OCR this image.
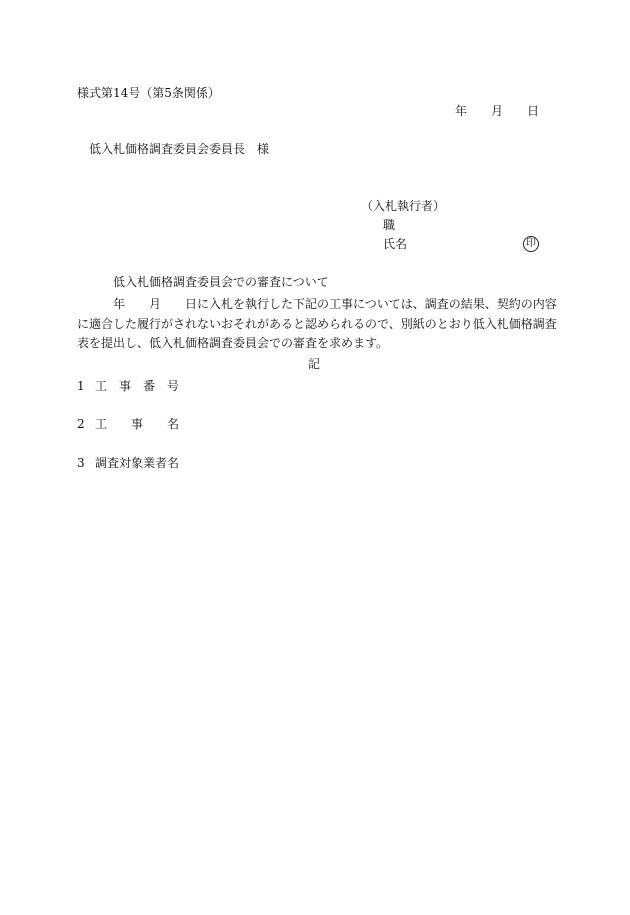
様式第14号（第5条関係）
年 月 日
低入札価格調査委員会委員長　様
（入札執行者）
職
氏名	印
低入札価格調査委員会での審査について
年 月 日に入札を執行した下記の工事については、調査の結果、契約の内容
に適合した履行がされないおそれがあると認められるので、別紙のとおり低入札価格調査
表を提出し、低入札価格調査委員会での審査を求めます。
記
1 工　事　番　号
2 工　　事　　名
3 調査対象業者名
